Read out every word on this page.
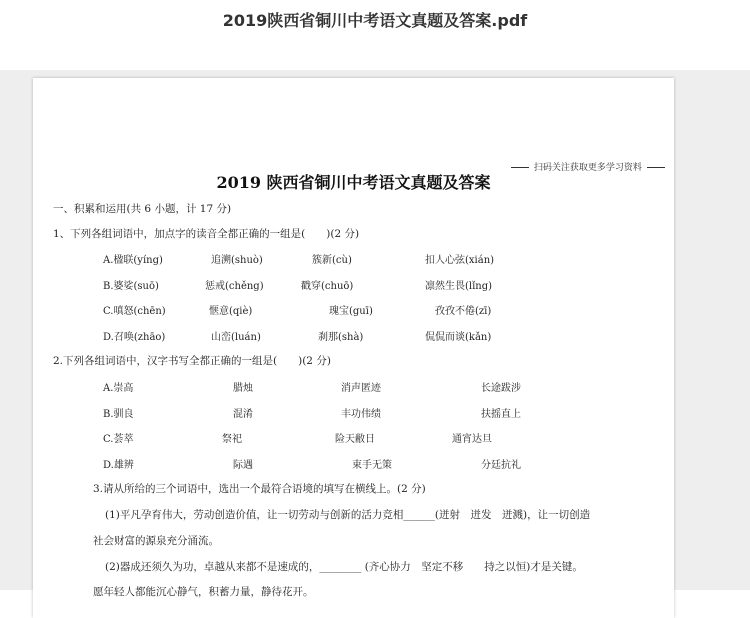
2019陕西省铜川中考语文真题及答案.pdf
扫码关注获取更多学习资料
2019 陕西省铜川中考语文真题及答案
一、积累和运用(共 6 小题，计 17 分)
1、下列各组词语中，加点字的读音全都正确的一组是(　　)(2 分)
A.楹联(yíng)	追溯(shuò)	簇新(cù)	扣人心弦(xián)
B.婆娑(suō)	惩戒(chěng)	戳穿(chuō)	凛然生畏(lǐng)
C.嗔怒(chēn)	惬意(qiè)	瑰宝(guī)	孜孜不倦(zī)
D.召唤(zhāo)	山峦(luán)	刹那(shà)	侃侃而谈(kǎn)
2.下列各组词语中，汉字书写全都正确的一组是(　　)(2 分)
A.崇高	腊烛	消声匿迹	长途跋涉
B.驯良	混淆	丰功伟绩	扶摇直上
C.荟萃	祭祀	险天敝日	通宵达旦
D.雄辨	际遇	束手无策	分廷抗礼
3.请从所给的三个词语中，选出一个最符合语境的填写在横线上。(2 分)
(1)平凡孕育伟大，劳动创造价值，让一切劳动与创新的活力竞相______(迸射　迸发　迸溅)，让一切创造
社会财富的源泉充分涌流。
(2)器成还须久为功，卓越从来都不是速成的，________ (齐心协力　坚定不移　　持之以恒)才是关键。
愿年轻人都能沉心静气，积蓄力量，静待花开。
